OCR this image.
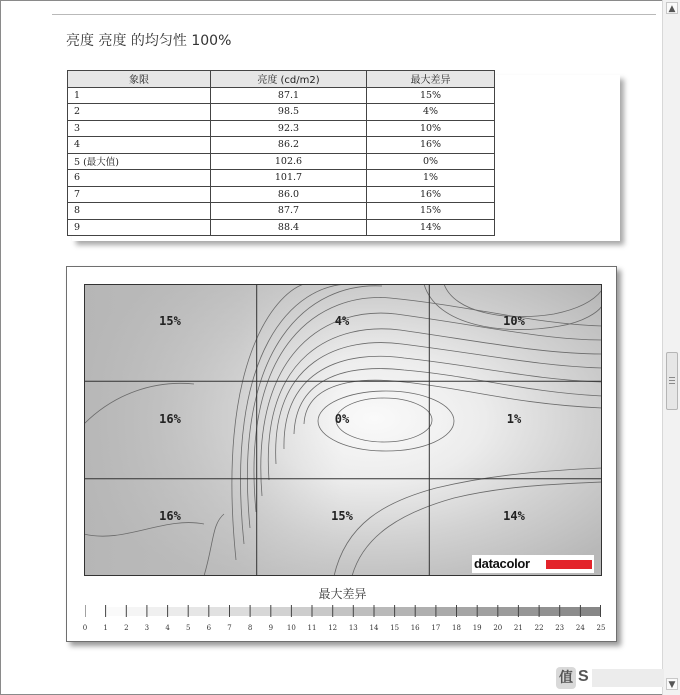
▲
▼
亮度 亮度 的均匀性 100%
象限	亮度 (cd/m2)	最大差异
1	87.1	15%
2	98.5	4%
3	92.3	10%
4	86.2	16%
5 (最大值)	102.6	0%
6	101.7	1%
7	86.0	16%
8	87.7	15%
9	88.4	14%
15%	4%	10%
16%	0%	1%
16%	15%	14%
datacolor
最大差异
0	1	2	3	4	5	6	7	8	9	10	11	12	13	14	15	16	17	18	19	20	21	22	23	24	25
值 S
